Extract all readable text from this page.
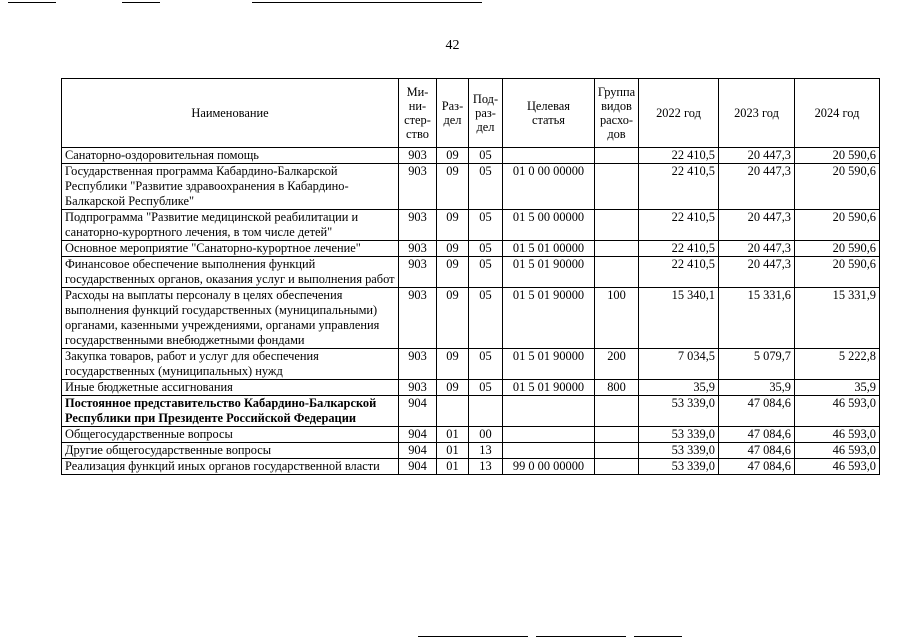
42
Наименование	Ми-
ни-
стер-
ство	Раз-
дел	Под-
раз-
дел	Целевая
статья	Группа
видов
расхо-
дов	2022 год	2023 год	2024 год
Санаторно-оздоровительная помощь	903	09	05			22 410,5	20 447,3	20 590,6
Государственная программа Кабардино-Балкарской Республики "Развитие здравоохранения в Кабардино-Балкарской Республике"	903	09	05	01 0 00 00000		22 410,5	20 447,3	20 590,6
Подпрограмма "Развитие медицинской реабилитации и санаторно-курортного лечения, в том числе детей"	903	09	05	01 5 00 00000		22 410,5	20 447,3	20 590,6
Основное мероприятие "Санаторно-курортное лечение"	903	09	05	01 5 01 00000		22 410,5	20 447,3	20 590,6
Финансовое обеспечение выполнения функций государственных органов, оказания услуг и выполнения работ	903	09	05	01 5 01 90000		22 410,5	20 447,3	20 590,6
Расходы на выплаты персоналу в целях обеспечения выполнения функций государственных (муниципальными) органами, казенными учреждениями, органами управления государственными внебюджетными фондами	903	09	05	01 5 01 90000	100	15 340,1	15 331,6	15 331,9
Закупка товаров, работ и услуг для обеспечения государственных (муниципальных) нужд	903	09	05	01 5 01 90000	200	7 034,5	5 079,7	5 222,8
Иные бюджетные ассигнования	903	09	05	01 5 01 90000	800	35,9	35,9	35,9
Постоянное представительство Кабардино-Балкарской Республики при Президенте Российской Федерации	904					53 339,0	47 084,6	46 593,0
Общегосударственные вопросы	904	01	00			53 339,0	47 084,6	46 593,0
Другие общегосударственные вопросы	904	01	13			53 339,0	47 084,6	46 593,0
Реализация функций иных органов государственной власти	904	01	13	99 0 00 00000		53 339,0	47 084,6	46 593,0
